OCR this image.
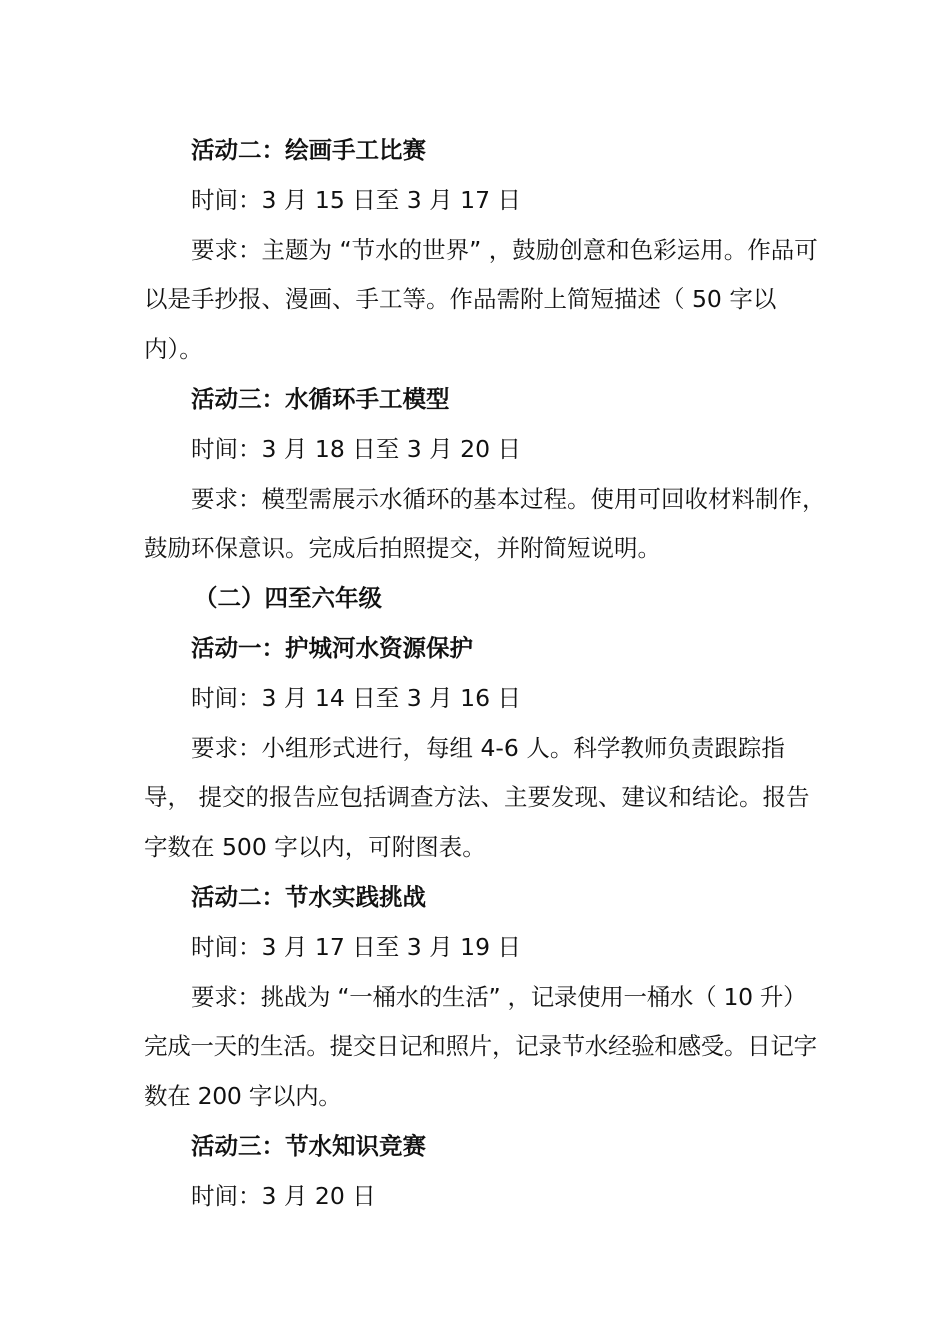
活动二：绘画手工比赛

时间：3 月 15 日至 3 月 17 日

要求：主题为 “节水的世界” ，鼓励创意和色彩运用。作品可以是手抄报、漫画、手工等。作品需附上简短描述（ 50 字以内）。

活动三：水循环手工模型

时间：3 月 18 日至 3 月 20 日

要求：模型需展示水循环的基本过程。使用可回收材料制作，鼓励环保意识。完成后拍照提交，并附简短说明。

（二）四至六年级

活动一：护城河水资源保护

时间：3 月 14 日至 3 月 16 日

要求：小组形式进行，每组 4-6 人。科学教师负责跟踪指导， 提交的报告应包括调查方法、主要发现、建议和结论。报告字数在 500 字以内，可附图表。

活动二：节水实践挑战

时间：3 月 17 日至 3 月 19 日

要求：挑战为 “一桶水的生活” ，记录使用一桶水（ 10 升）完成一天的生活。提交日记和照片，记录节水经验和感受。日记字数在 200 字以内。

活动三：节水知识竞赛

时间：3 月 20 日
